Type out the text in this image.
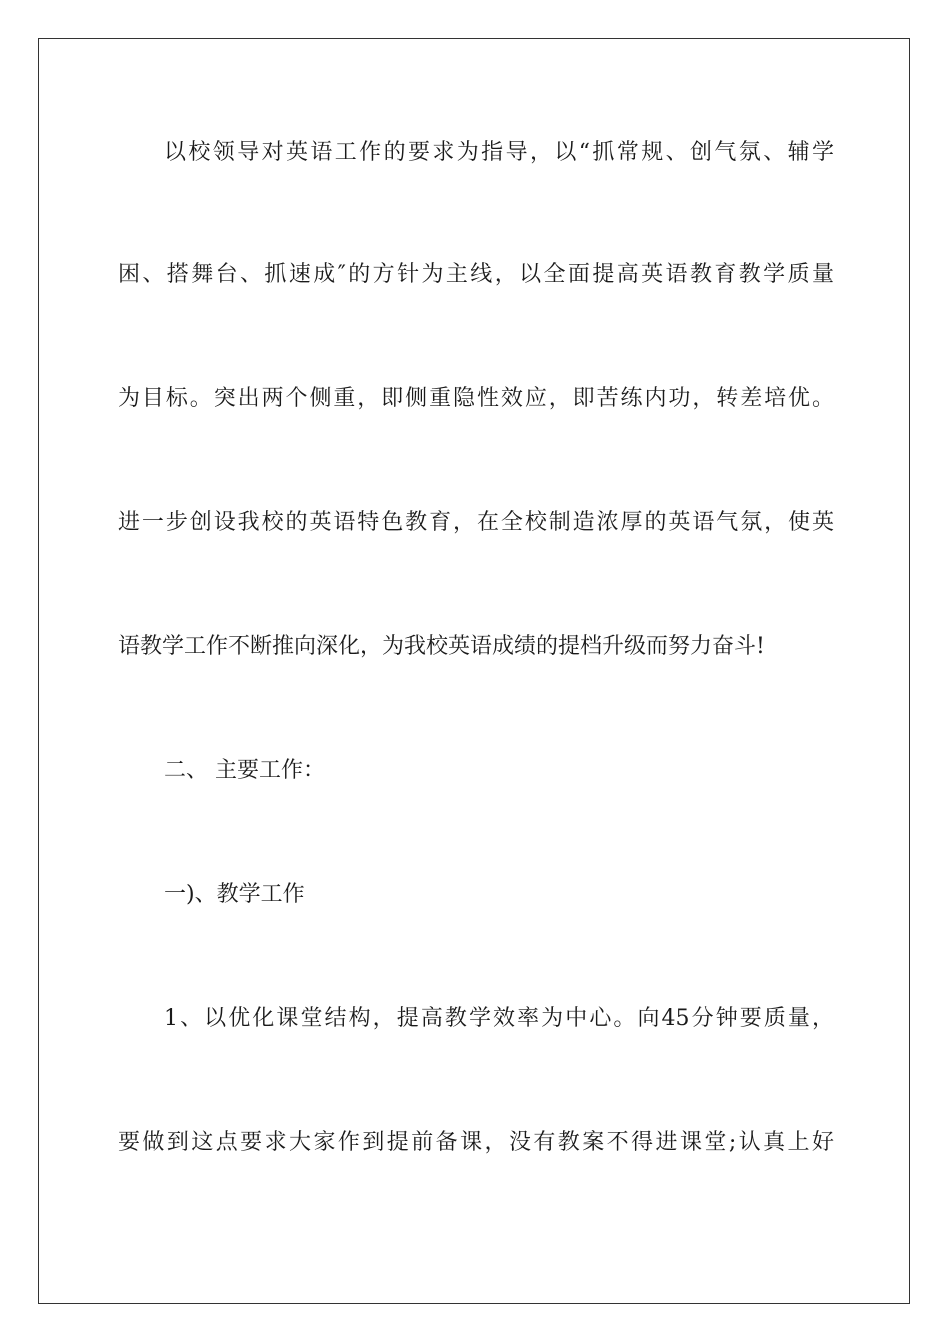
以校领导对英语工作的要求为指导，以“抓常规、创气氛、辅学
困、搭舞台、抓速成″的方针为主线，以全面提高英语教育教学质量
为目标。突出两个侧重，即侧重隐性效应，即苦练内功，转差培优。
进一步创设我校的英语特色教育，在全校制造浓厚的英语气氛，使英
语教学工作不断推向深化，为我校英语成绩的提档升级而努力奋斗!
二、 主要工作：
一)、教学工作
1、以优化课堂结构，提高教学效率为中心。向45分钟要质量，
要做到这点要求大家作到提前备课，没有教案不得进课堂;认真上好
